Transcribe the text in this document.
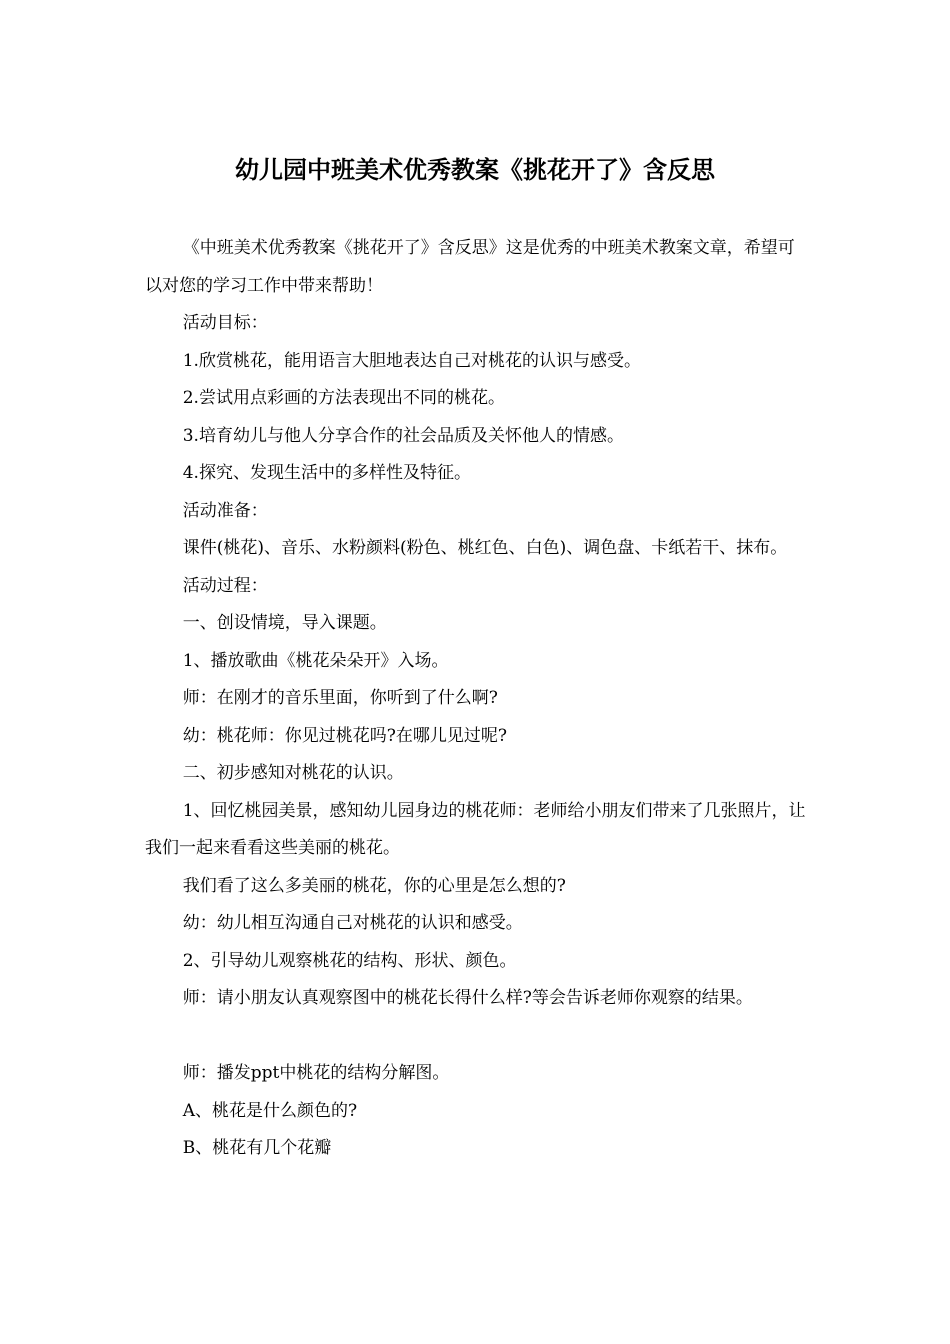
幼儿园中班美术优秀教案《挑花开了》含反思

《中班美术优秀教案《挑花开了》含反思》这是优秀的中班美术教案文章，希望可以对您的学习工作中带来帮助！

活动目标：

1.欣赏桃花，能用语言大胆地表达自己对桃花的认识与感受。

2.尝试用点彩画的方法表现出不同的桃花。

3.培育幼儿与他人分享合作的社会品质及关怀他人的情感。

4.探究、发现生活中的多样性及特征。

活动准备：

课件(桃花)、音乐、水粉颜料(粉色、桃红色、白色)、调色盘、卡纸若干、抹布。

活动过程：

一、创设情境，导入课题。

1、播放歌曲《桃花朵朵开》入场。

师：在刚才的音乐里面，你听到了什么啊?

幼：桃花师：你见过桃花吗?在哪儿见过呢?

二、初步感知对桃花的认识。

1、回忆桃园美景，感知幼儿园身边的桃花师：老师给小朋友们带来了几张照片，让我们一起来看看这些美丽的桃花。

我们看了这么多美丽的桃花，你的心里是怎么想的?

幼：幼儿相互沟通自己对桃花的认识和感受。

2、引导幼儿观察桃花的结构、形状、颜色。

师：请小朋友认真观察图中的桃花长得什么样?等会告诉老师你观察的结果。

师：播发ppt中桃花的结构分解图。

A、桃花是什么颜色的?

B、桃花有几个花瓣
